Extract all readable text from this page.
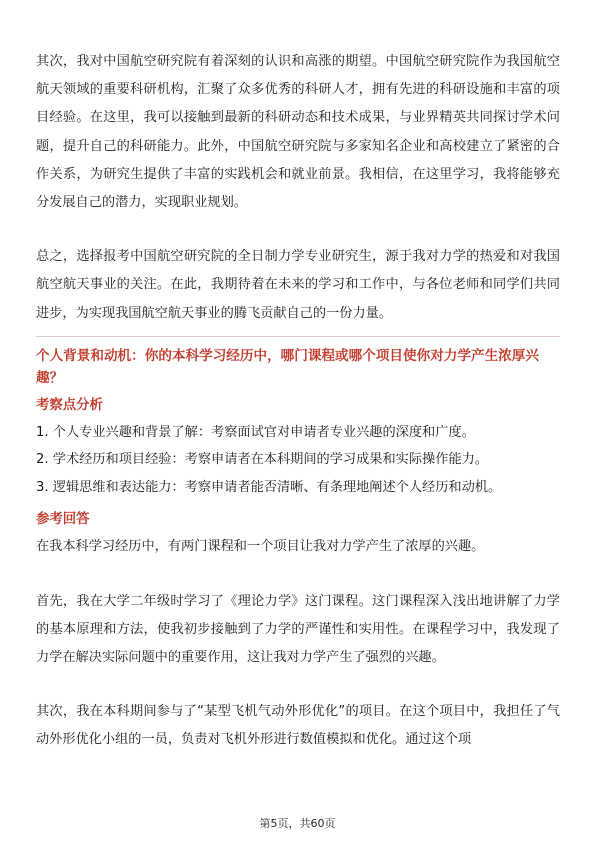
其次，我对中国航空研究院有着深刻的认识和高涨的期望。中国航空研究院作为我国航空航天领域的重要科研机构，汇聚了众多优秀的科研人才，拥有先进的科研设施和丰富的项目经验。在这里，我可以接触到最新的科研动态和技术成果，与业界精英共同探讨学术问题，提升自己的科研能力。此外，中国航空研究院与多家知名企业和高校建立了紧密的合作关系，为研究生提供了丰富的实践机会和就业前景。我相信，在这里学习，我将能够充分发展自己的潜力，实现职业规划。

总之，选择报考中国航空研究院的全日制力学专业研究生，源于我对力学的热爱和对我国航空航天事业的关注。在此，我期待着在未来的学习和工作中，与各位老师和同学们共同进步，为实现我国航空航天事业的腾飞贡献自己的一份力量。

个人背景和动机：你的本科学习经历中，哪门课程或哪个项目使你对力学产生浓厚兴趣？

考察点分析

1. 个人专业兴趣和背景了解：考察面试官对申请者专业兴趣的深度和广度。

2. 学术经历和项目经验：考察申请者在本科期间的学习成果和实际操作能力。

3. 逻辑思维和表达能力：考察申请者能否清晰、有条理地阐述个人经历和动机。

参考回答

在我本科学习经历中，有两门课程和一个项目让我对力学产生了浓厚的兴趣。

首先，我在大学二年级时学习了《理论力学》这门课程。这门课程深入浅出地讲解了力学的基本原理和方法，使我初步接触到了力学的严谨性和实用性。在课程学习中，我发现了力学在解决实际问题中的重要作用，这让我对力学产生了强烈的兴趣。

其次，我在本科期间参与了“某型飞机气动外形优化”的项目。在这个项目中，我担任了气动外形优化小组的一员，负责对飞机外形进行数值模拟和优化。通过这个项

第5页，共60页
